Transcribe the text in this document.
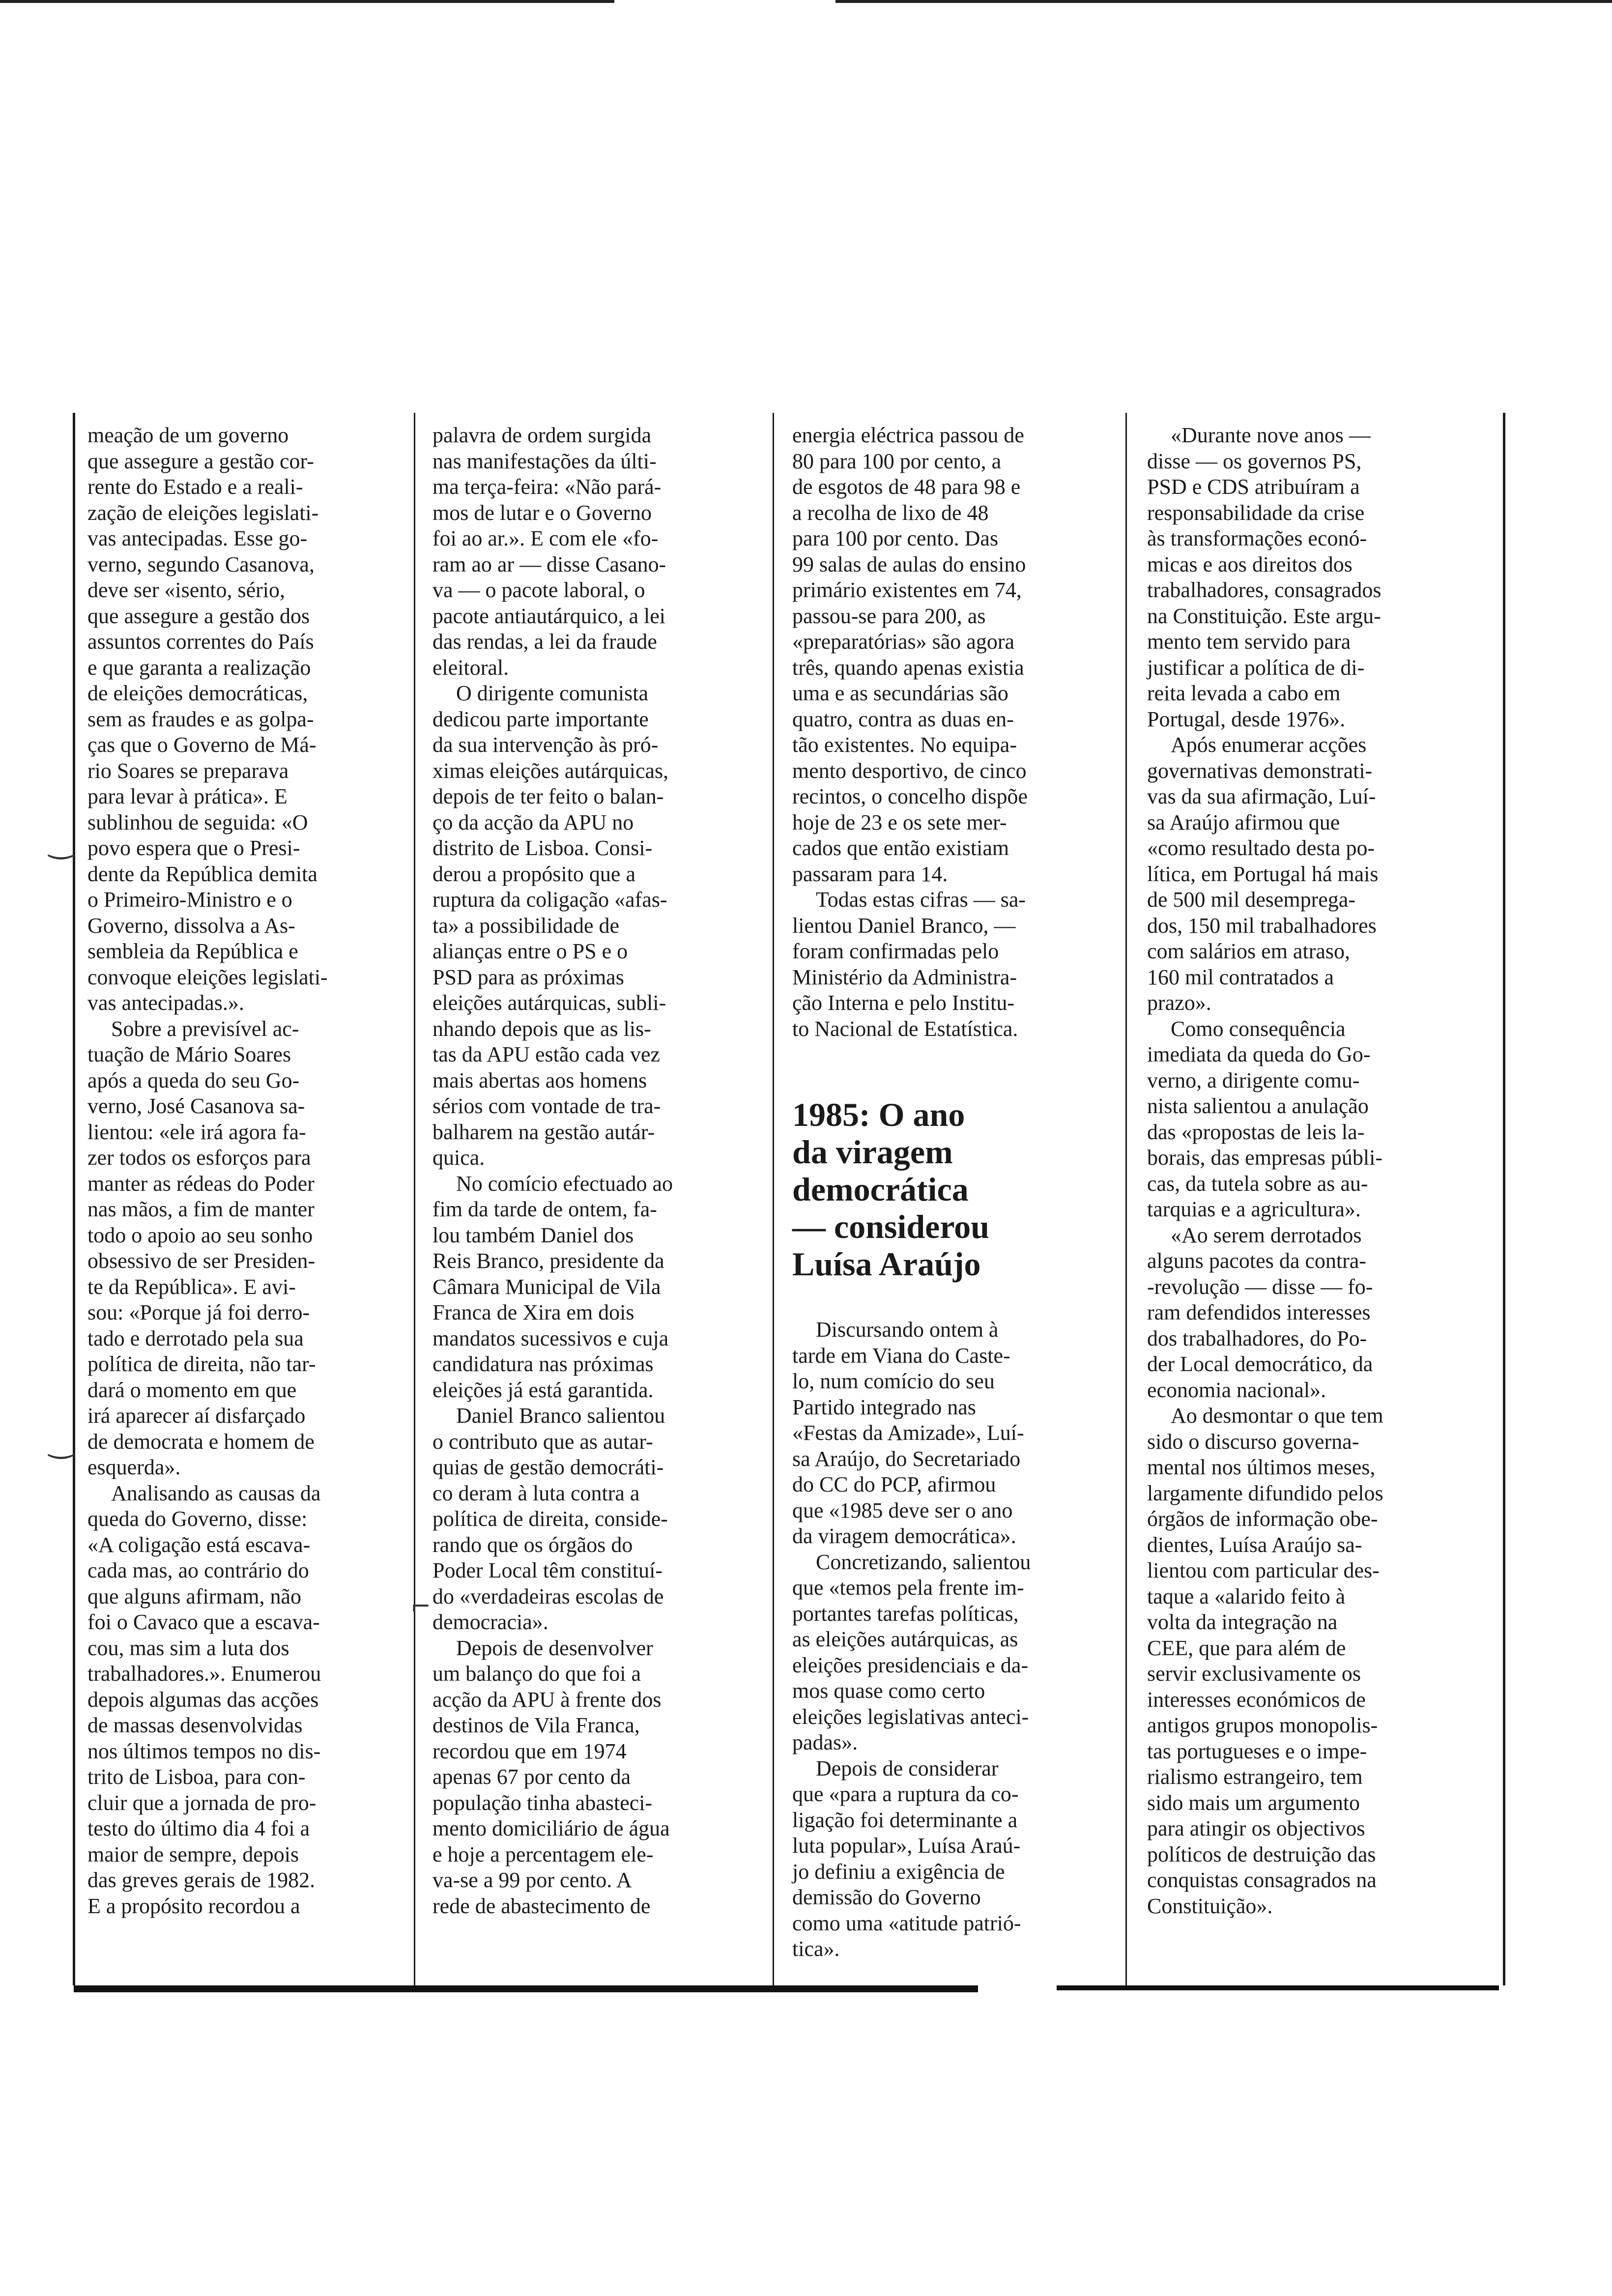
meação de um governo
que assegure a gestão cor-
rente do Estado e a reali-
zação de eleições legislati-
vas antecipadas. Esse go-
verno, segundo Casanova,
deve ser «isento, sério,
que assegure a gestão dos
assuntos correntes do País
e que garanta a realização
de eleições democráticas,
sem as fraudes e as golpa-
ças que o Governo de Má-
rio Soares se preparava
para levar à prática». E
sublinhou de seguida: «O
povo espera que o Presi-
dente da República demita
o Primeiro-Ministro e o
Governo, dissolva a As-
sembleia da República e
convoque eleições legislati-
vas antecipadas.».

Sobre a previsível ac-
tuação de Mário Soares
após a queda do seu Go-
verno, José Casanova sa-
lientou: «ele irá agora fa-
zer todos os esforços para
manter as rédeas do Poder
nas mãos, a fim de manter
todo o apoio ao seu sonho
obsessivo de ser Presiden-
te da República». E avi-
sou: «Porque já foi derro-
tado e derrotado pela sua
política de direita, não tar-
dará o momento em que
irá aparecer aí disfarçado
de democrata e homem de
esquerda».

Analisando as causas da
queda do Governo, disse:
«A coligação está escava-
cada mas, ao contrário do
que alguns afirmam, não
foi o Cavaco que a escava-
cou, mas sim a luta dos
trabalhadores.». Enumerou
depois algumas das acções
de massas desenvolvidas
nos últimos tempos no dis-
trito de Lisboa, para con-
cluir que a jornada de pro-
testo do último dia 4 foi a
maior de sempre, depois
das greves gerais de 1982.
E a propósito recordou a

palavra de ordem surgida
nas manifestações da últi-
ma terça-feira: «Não pará-
mos de lutar e o Governo
foi ao ar.». E com ele «fo-
ram ao ar — disse Casano-
va — o pacote laboral, o
pacote antiautárquico, a lei
das rendas, a lei da fraude
eleitoral.

O dirigente comunista
dedicou parte importante
da sua intervenção às pró-
ximas eleições autárquicas,
depois de ter feito o balan-
ço da acção da APU no
distrito de Lisboa. Consi-
derou a propósito que a
ruptura da coligação «afas-
ta» a possibilidade de
alianças entre o PS e o
PSD para as próximas
eleições autárquicas, subli-
nhando depois que as lis-
tas da APU estão cada vez
mais abertas aos homens
sérios com vontade de tra-
balharem na gestão autár-
quica.

No comício efectuado ao
fim da tarde de ontem, fa-
lou também Daniel dos
Reis Branco, presidente da
Câmara Municipal de Vila
Franca de Xira em dois
mandatos sucessivos e cuja
candidatura nas próximas
eleições já está garantida.

Daniel Branco salientou
o contributo que as autar-
quias de gestão democráti-
co deram à luta contra a
política de direita, conside-
rando que os órgãos do
Poder Local têm constituí-
do «verdadeiras escolas de
democracia».

Depois de desenvolver
um balanço do que foi a
acção da APU à frente dos
destinos de Vila Franca,
recordou que em 1974
apenas 67 por cento da
população tinha abasteci-
mento domiciliário de água
e hoje a percentagem ele-
va-se a 99 por cento. A
rede de abastecimento de

energia eléctrica passou de
80 para 100 por cento, a
de esgotos de 48 para 98 e
a recolha de lixo de 48
para 100 por cento. Das
99 salas de aulas do ensino
primário existentes em 74,
passou-se para 200, as
«preparatórias» são agora
três, quando apenas existia
uma e as secundárias são
quatro, contra as duas en-
tão existentes. No equipa-
mento desportivo, de cinco
recintos, o concelho dispõe
hoje de 23 e os sete mer-
cados que então existiam
passaram para 14.

Todas estas cifras — sa-
lientou Daniel Branco, —
foram confirmadas pelo
Ministério da Administra-
ção Interna e pelo Institu-
to Nacional de Estatística.

1985: O ano
da viragem
democrática
— considerou
Luísa Araújo

Discursando ontem à
tarde em Viana do Caste-
lo, num comício do seu
Partido integrado nas
«Festas da Amizade», Luí-
sa Araújo, do Secretariado
do CC do PCP, afirmou
que «1985 deve ser o ano
da viragem democrática».

Concretizando, salientou
que «temos pela frente im-
portantes tarefas políticas,
as eleições autárquicas, as
eleições presidenciais e da-
mos quase como certo
eleições legislativas anteci-
padas».

Depois de considerar
que «para a ruptura da co-
ligação foi determinante a
luta popular», Luísa Araú-
jo definiu a exigência de
demissão do Governo
como uma «atitude patrió-
tica».

«Durante nove anos —
disse — os governos PS,
PSD e CDS atribuíram a
responsabilidade da crise
às transformações econó-
micas e aos direitos dos
trabalhadores, consagrados
na Constituição. Este argu-
mento tem servido para
justificar a política de di-
reita levada a cabo em
Portugal, desde 1976».

Após enumerar acções
governativas demonstrati-
vas da sua afirmação, Luí-
sa Araújo afirmou que
«como resultado desta po-
lítica, em Portugal há mais
de 500 mil desemprega-
dos, 150 mil trabalhadores
com salários em atraso,
160 mil contratados a
prazo».

Como consequência
imediata da queda do Go-
verno, a dirigente comu-
nista salientou a anulação
das «propostas de leis la-
borais, das empresas públi-
cas, da tutela sobre as au-
tarquias e a agricultura».

«Ao serem derrotados
alguns pacotes da contra-
-revolução — disse — fo-
ram defendidos interesses
dos trabalhadores, do Po-
der Local democrático, da
economia nacional».

Ao desmontar o que tem
sido o discurso governa-
mental nos últimos meses,
largamente difundido pelos
órgãos de informação obe-
dientes, Luísa Araújo sa-
lientou com particular des-
taque a «alarido feito à
volta da integração na
CEE, que para além de
servir exclusivamente os
interesses económicos de
antigos grupos monopolis-
tas portugueses e o impe-
rialismo estrangeiro, tem
sido mais um argumento
para atingir os objectivos
políticos de destruição das
conquistas consagrados na
Constituição».

‿
‿
⌐
